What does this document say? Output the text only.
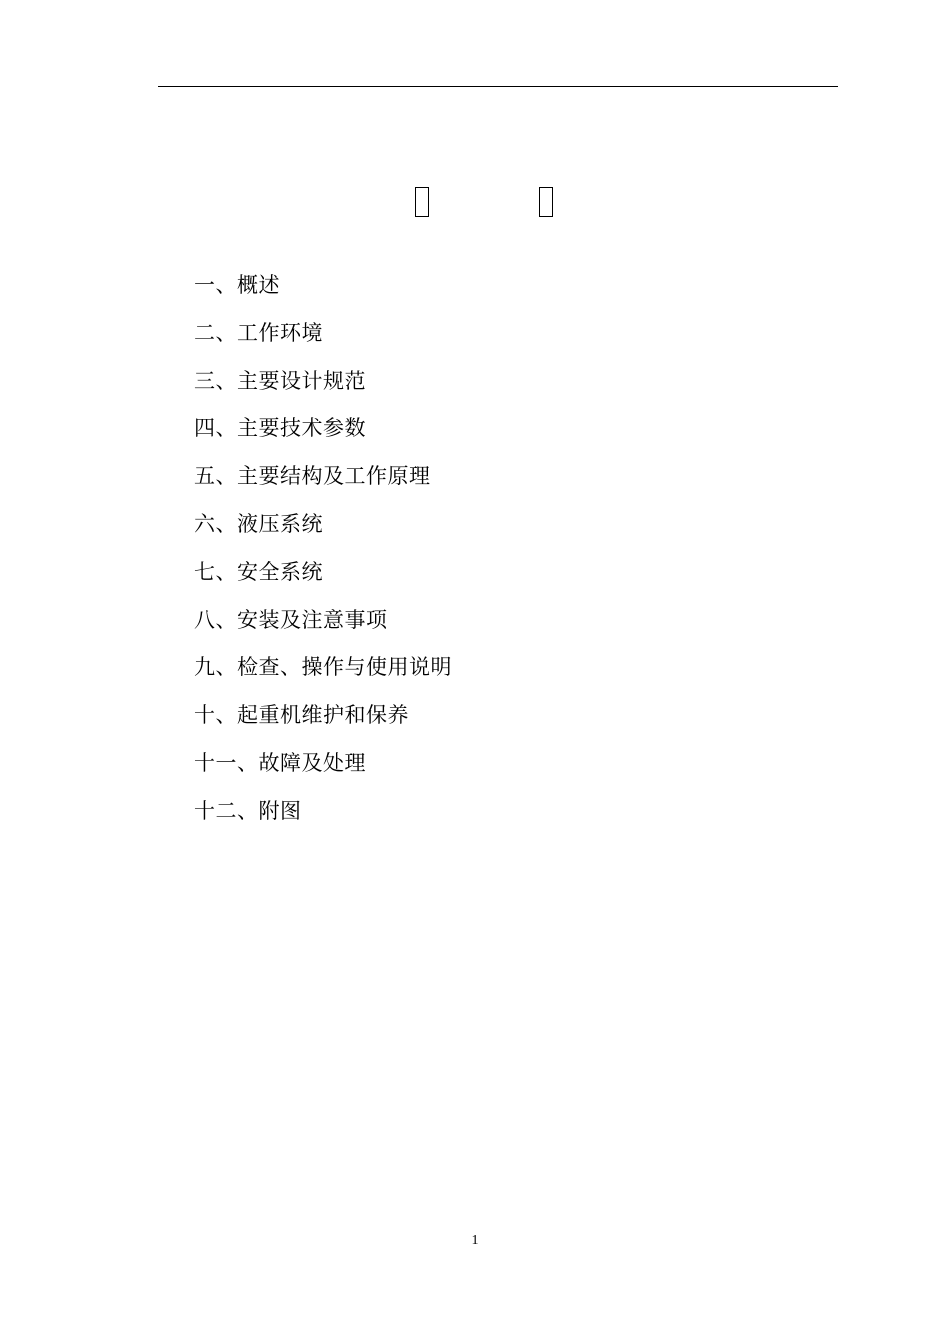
一、概述
二、工作环境
三、主要设计规范
四、主要技术参数
五、主要结构及工作原理
六、液压系统
七、安全系统
八、安装及注意事项
九、检查、操作与使用说明
十、起重机维护和保养
十一、故障及处理
十二、附图
1
